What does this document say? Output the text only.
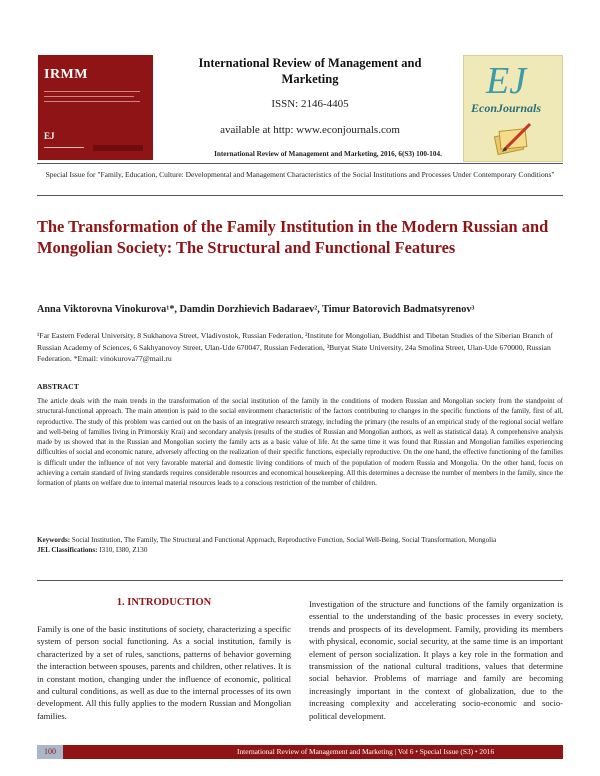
IRMM
EJ
International Review of Management and Marketing
ISSN: 2146-4405
available at http: www.econjournals.com
EJ
EconJournals
International Review of Management and Marketing, 2016, 6(S3) 100-104.
Special Issue for "Family, Education, Culture: Developmental and Management Characteristics of the Social Institutions and Processes Under Contemporary Conditions"
The Transformation of the Family Institution in the Modern Russian and Mongolian Society: The Structural and Functional Features
Anna Viktorovna Vinokurova¹*, Damdin Dorzhievich Badaraev², Timur Batorovich Badmatsyrenov³
¹Far Eastern Federal University, 8 Sukhanova Street, Vladivostok, Russian Federation, ²Institute for Mongolian, Buddhist and Tibetan Studies of the Siberian Branch of Russian Academy of Sciences, 6 Sakhyanovoy Street, Ulan-Ude 670047, Russian Federation, ³Buryat State University, 24a Smolina Street, Ulan-Ude 670000, Russian Federation. *Email: vinokurova77@mail.ru
ABSTRACT
The article deals with the main trends in the transformation of the social institution of the family in the conditions of modern Russian and Mongolian society from the standpoint of structural-functional approach. The main attention is paid to the social environment characteristic of the factors contributing to changes in the specific functions of the family, first of all, reproductive. The study of this problem was carried out on the basis of an integrative research strategy, including the primary (the results of an empirical study of the regional social welfare and well-being of families living in Primorskiy Krai) and secondary analysis (results of the studies of Russian and Mongolian authors, as well as statistical data). A comprehensive analysis made by us showed that in the Russian and Mongolian society the family acts as a basic value of life. At the same time it was found that Russian and Mongolian families experiencing difficulties of social and economic nature, adversely affecting on the realization of their specific functions, especially reproductive. On the one hand, the effective functioning of the families is difficult under the influence of not very favorable material and domestic living conditions of much of the population of modern Russia and Mongolia. On the other hand, focus on achieving a certain standard of living standards requires considerable resources and economical housekeeping. All this determines a decrease the number of members in the family, since the formation of plants on welfare due to internal material resources leads to a conscious restriction of the number of children.
Keywords: Social Institution, The Family, The Structural and Functional Approach, Reproductive Function, Social Well-Being, Social Transformation, Mongolia
JEL Classifications: I310, I380, Z130
1. INTRODUCTION
Family is one of the basic institutions of society, characterizing a specific system of person social functioning. As a social institution, family is characterized by a set of rules, sanctions, patterns of behavior governing the interaction between spouses, parents and children, other relatives. It is in constant motion, changing under the influence of economic, political and cultural conditions, as well as due to the internal processes of its own development. All this fully applies to the modern Russian and Mongolian families.
Investigation of the structure and functions of the family organization is essential to the understanding of the basic processes in every society, trends and prospects of its development. Family, providing its members with physical, economic, social security, at the same time is an important element of person socialization. It plays a key role in the formation and transmission of the national cultural traditions, values that determine social behavior. Problems of marriage and family are becoming increasingly important in the context of globalization, due to the increasing complexity and accelerating socio-economic and socio-political development.
100	International Review of Management and Marketing | Vol 6 • Special Issue (S3) • 2016
